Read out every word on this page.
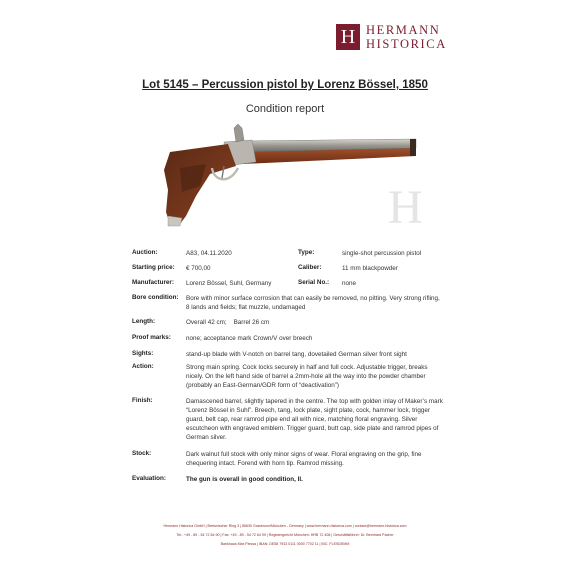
H HERMANN
HISTORICA
Lot 5145 – Percussion pistol by Lorenz Bössel, 1850
Condition report
H
Auction:	A83, 04.11.2020	Type:	single-shot percussion pistol
Starting price: € 700,00	Caliber:	11 mm blackpowder
Manufacturer: Lorenz Bössel, Suhl, Germany	Serial No.: none
Bore condition: Bore with minor surface corrosion that can easily be removed, no pitting. Very strong rifling, 8 lands and fields; flat muzzle, undamaged
Length:	Overall 42 cm;    Barrel 26 cm
Proof marks: none; acceptance mark Crown/V over breech
Sights:	stand-up blade with V-notch on barrel tang, dovetailed German silver front sight
Action:	Strong main spring. Cock locks securely in half and full cock. Adjustable trigger, breaks nicely. On the left hand side of barrel a 2mm-hole all the way into the powder chamber (probably an East-German/GDR form of “deactivation”)
Finish:	Damascened barrel, slightly tapered in the centre. The top with golden inlay of Maker’s mark “Lorenz Bössel in Suhl”. Breech, tang, lock plate, sight plate, cock, hammer lock, trigger guard, belt cap, rear ramrod pipe end all with nice, matching floral engraving. Silver escutcheon with engraved emblem. Trigger guard, butt cap, side plate and ramrod pipes of German silver.
Stock:	Dark walnut full stock with only minor signs of wear. Floral engraving on the grip, fine chequering intact. Forend with horn tip. Ramrod missing.
Evaluation:	The gun is overall in good condition, II.
Hermann Historica GmbH | Bretonischer Ring 3 | 85630 Grasbrunn/München - Germany | www.hermann-historica.com | contact@hermann-historica.com
Tel.: +49 - 89 - 54 72 64 90 | Fax: +49 - 89 - 54 72 64 99 | Registergericht München: HRB 72 408 | Geschäftsführer: Dr. Bernhard Pacher
Bankhaus Max Flessa | IBAN: DE58 7933 0111 0000 7702 11 | BIC: FLESDEMM
